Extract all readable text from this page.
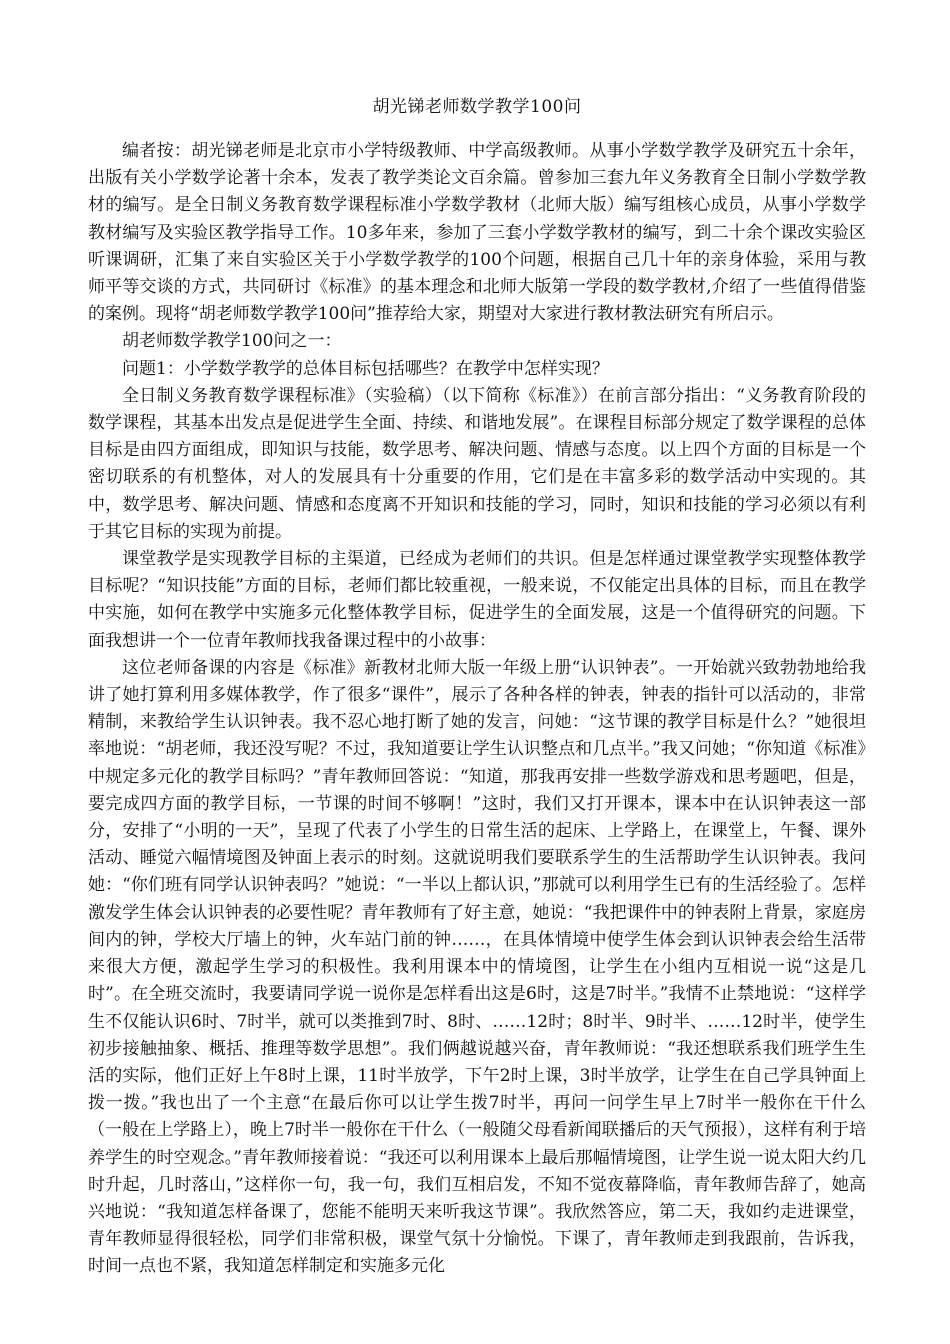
胡光锑老师数学教学100问

编者按：胡光锑老师是北京市小学特级教师、中学高级教师。从事小学数学教学及研究五十余年，出版有关小学数学论著十余本，发表了教学类论文百余篇。曾参加三套九年义务教育全日制小学数学教材的编写。是全日制义务教育数学课程标准小学数学教材（北师大版）编写组核心成员，从事小学数学教材编写及实验区教学指导工作。10多年来，参加了三套小学数学教材的编写，到二十余个课改实验区听课调研，汇集了来自实验区关于小学数学教学的100个问题，根据自己几十年的亲身体验，采用与教师平等交谈的方式，共同研讨《标准》的基本理念和北师大版第一学段的数学教材,介绍了一些值得借鉴的案例。现将“胡老师数学教学100问”推荐给大家，期望对大家进行教材教法研究有所启示。

胡老师数学教学100问之一：

问题1：小学数学教学的总体目标包括哪些？在教学中怎样实现？

全日制义务教育数学课程标准》（实验稿）（以下简称《标准》）在前言部分指出：“义务教育阶段的数学课程，其基本出发点是促进学生全面、持续、和谐地发展”。在课程目标部分规定了数学课程的总体目标是由四方面组成，即知识与技能，数学思考、解决问题、情感与态度。以上四个方面的目标是一个密切联系的有机整体，对人的发展具有十分重要的作用，它们是在丰富多彩的数学活动中实现的。其中，数学思考、解决问题、情感和态度离不开知识和技能的学习，同时，知识和技能的学习必须以有利于其它目标的实现为前提。

课堂教学是实现教学目标的主渠道，已经成为老师们的共识。但是怎样通过课堂教学实现整体教学目标呢？“知识技能”方面的目标，老师们都比较重视，一般来说，不仅能定出具体的目标，而且在教学中实施，如何在教学中实施多元化整体教学目标，促进学生的全面发展，这是一个值得研究的问题。下面我想讲一个一位青年教师找我备课过程中的小故事：

这位老师备课的内容是《标准》新教材北师大版一年级上册“认识钟表”。一开始就兴致勃勃地给我讲了她打算利用多媒体教学，作了很多“课件”，展示了各种各样的钟表，钟表的指针可以活动的，非常精制，来教给学生认识钟表。我不忍心地打断了她的发言，问她：“这节课的教学目标是什么？”她很坦率地说：“胡老师，我还没写呢？不过，我知道要让学生认识整点和几点半。”我又问她；“你知道《标准》中规定多元化的教学目标吗？”青年教师回答说：“知道，那我再安排一些数学游戏和思考题吧，但是，要完成四方面的教学目标，一节课的时间不够啊！”这时，我们又打开课本，课本中在认识钟表这一部分，安排了“小明的一天”，呈现了代表了小学生的日常生活的起床、上学路上，在课堂上，午餐、课外活动、睡觉六幅情境图及钟面上表示的时刻。这就说明我们要联系学生的生活帮助学生认识钟表。我问她：“你们班有同学认识钟表吗？”她说：“一半以上都认识，”那就可以利用学生已有的生活经验了。怎样激发学生体会认识钟表的必要性呢？青年教师有了好主意，她说：“我把课件中的钟表附上背景，家庭房间内的钟，学校大厅墙上的钟，火车站门前的钟……，在具体情境中使学生体会到认识钟表会给生活带来很大方便，激起学生学习的积极性。我利用课本中的情境图，让学生在小组内互相说一说“这是几时”。在全班交流时，我要请同学说一说你是怎样看出这是6时，这是7时半。”我情不止禁地说：“这样学生不仅能认识6时、7时半，就可以类推到7时、8时、……12时；8时半、9时半、……12时半，使学生初步接触抽象、概括、推理等数学思想”。我们俩越说越兴奋，青年教师说：“我还想联系我们班学生生活的实际，他们正好上午8时上课，11时半放学，下午2时上课，3时半放学，让学生在自己学具钟面上拨一拨。”我也出了一个主意“在最后你可以让学生拨7时半，再问一问学生早上7时半一般你在干什么（一般在上学路上），晚上7时半一般你在干什么（一般随父母看新闻联播后的天气预报），这样有利于培养学生的时空观念。”青年教师接着说：“我还可以利用课本上最后那幅情境图，让学生说一说太阳大约几时升起，几时落山，”这样你一句，我一句，我们互相启发，不知不觉夜幕降临，青年教师告辞了，她高兴地说：“我知道怎样备课了，您能不能明天来听我这节课”。我欣然答应，第二天，我如约走进课堂，青年教师显得很轻松，同学们非常积极，课堂气氛十分愉悦。下课了，青年教师走到我跟前，告诉我，时间一点也不紧，我知道怎样制定和实施多元化
